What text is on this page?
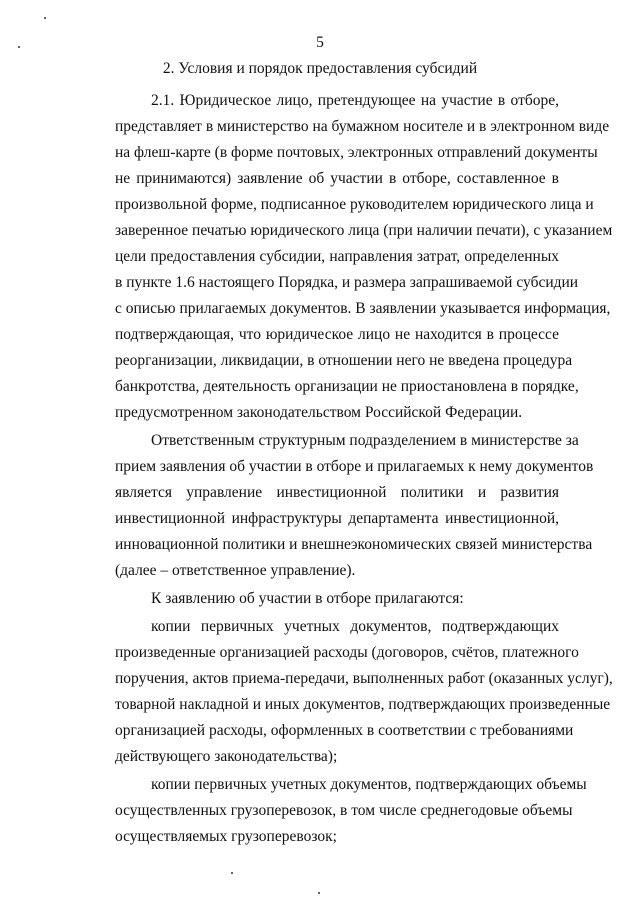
5
2. Условия и порядок предоставления субсидий
2.1. Юридическое лицо, претендующее на участие в отборе,
представляет в министерство на бумажном носителе и в электронном виде
на флеш-карте (в форме почтовых, электронных отправлений документы
не принимаются) заявление об участии в отборе, составленное в
произвольной форме, подписанное руководителем юридического лица и
заверенное печатью юридического лица (при наличии печати), с указанием
цели предоставления субсидии, направления затрат, определенных
в пункте 1.6 настоящего Порядка, и размера запрашиваемой субсидии
с описью прилагаемых документов. В заявлении указывается информация,
подтверждающая, что юридическое лицо не находится в процессе
реорганизации, ликвидации, в отношении него не введена процедура
банкротства, деятельность организации не приостановлена в порядке,
предусмотренном законодательством Российской Федерации.
Ответственным структурным подразделением в министерстве за
прием заявления об участии в отборе и прилагаемых к нему документов
является управление инвестиционной политики и развития
инвестиционной инфраструктуры департамента инвестиционной,
инновационной политики и внешнеэкономических связей министерства
(далее – ответственное управление).
К заявлению об участии в отборе прилагаются:
копии первичных учетных документов, подтверждающих
произведенные организацией расходы (договоров, счётов, платежного
поручения, актов приема-передачи, выполненных работ (оказанных услуг),
товарной накладной и иных документов, подтверждающих произведенные
организацией расходы, оформленных в соответствии с требованиями
действующего законодательства);
копии первичных учетных документов, подтверждающих объемы
осуществленных грузоперевозок, в том числе среднегодовые объемы
осуществляемых грузоперевозок;
